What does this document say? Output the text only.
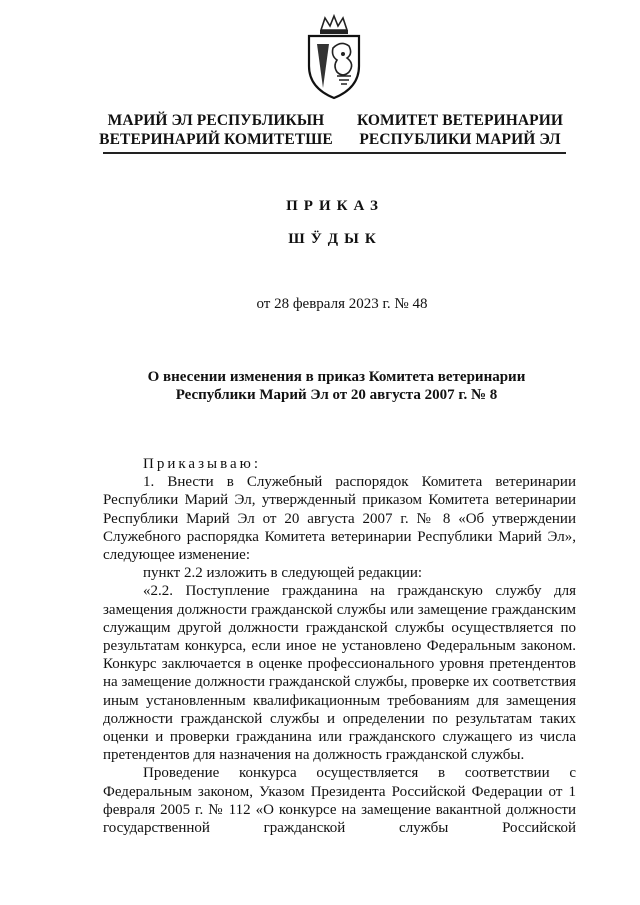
МАРИЙ ЭЛ РЕСПУБЛИКЫН
ВЕТЕРИНАРИЙ КОМИТЕТШЕ
КОМИТЕТ ВЕТЕРИНАРИИ
РЕСПУБЛИКИ МАРИЙ ЭЛ
ПРИКАЗ
ШӰДЫК
от 28 февраля 2023 г. № 48
О внесении изменения в приказ Комитета ветеринарии
Республики Марий Эл от 20 августа 2007 г. № 8

Приказываю:

1. Внести в Служебный распорядок Комитета ветеринарии Республики Марий Эл, утвержденный приказом Комитета ветеринарии Республики Марий Эл от 20 августа 2007 г. № 8 «Об утверждении Служебного распорядка Комитета ветеринарии Республики Марий Эл», следующее изменение:

пункт 2.2 изложить в следующей редакции:

«2.2. Поступление гражданина на гражданскую службу для замещения должности гражданской службы или замещение гражданским служащим другой должности гражданской службы осуществляется по результатам конкурса, если иное не установлено Федеральным законом. Конкурс заключается в оценке профессионального уровня претендентов на замещение должности гражданской службы, проверке их соответствия иным установленным квалификационным требованиям для замещения должности гражданской службы и определении по результатам таких оценки и проверки гражданина или гражданского служащего из числа претендентов для назначения на должность гражданской службы.

Проведение конкурса осуществляется в соответствии с Федеральным законом, Указом Президента Российской Федерации от 1 февраля 2005 г. № 112 «О конкурсе на замещение вакантной должности государственной гражданской службы Российской
